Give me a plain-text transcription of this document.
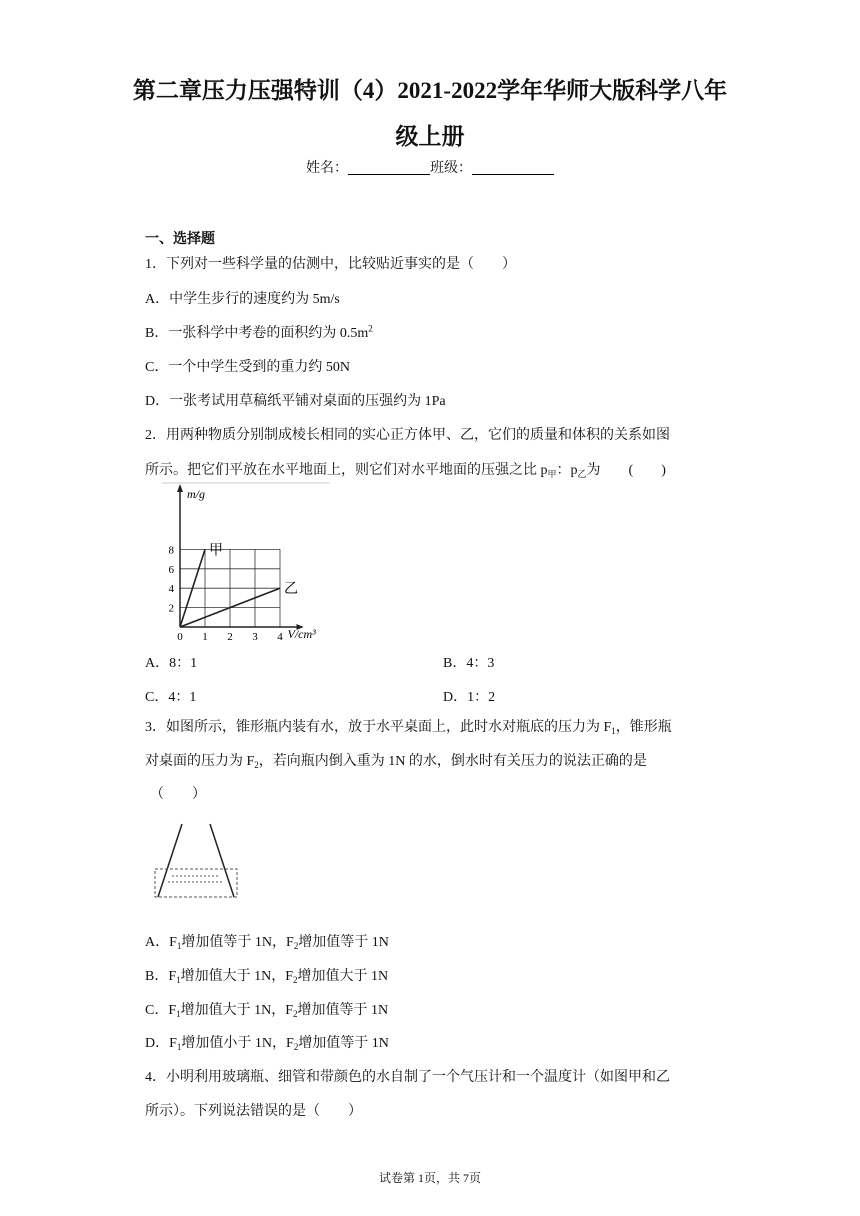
第二章压力压强特训（4）2021-2022学年华师大版科学八年
级上册
姓名：	班级：
一、选择题
1．下列对一些科学量的估测中，比较贴近事实的是（　　）
A．中学生步行的速度约为 5m/s
B．一张科学中考卷的面积约为 $0.5m^2$
C．一个中学生受到的重力约 50N
D．一张考试用草稿纸平铺对桌面的压强约为 1Pa
2．用两种物质分别制成棱长相同的实心正方体甲、乙，它们的质量和体积的关系如图
所示。把它们平放在水平地面上，则它们对水平地面的压强之比 $p_甲$：$p_乙$为　　(　　)
0 1 2 3 4
2
4
6
8
m/g
V/cm³
甲
乙
A．8：1	B．4：3
C．4：1	D．1：2
3．如图所示，锥形瓶内装有水，放于水平桌面上，此时水对瓶底的压力为 $F_1$，锥形瓶
对桌面的压力为 $F_2$，若向瓶内倒入重为 1N 的水，倒水时有关压力的说法正确的是
（　　）
A．$F_1$增加值等于 1N，$F_2$增加值等于 1N
B．$F_1$增加值大于 1N，$F_2$增加值大于 1N
C．$F_1$增加值大于 1N，$F_2$增加值等于 1N
D．$F_1$增加值小于 1N，$F_2$增加值等于 1N
4．小明利用玻璃瓶、细管和带颜色的水自制了一个气压计和一个温度计（如图甲和乙
所示）。下列说法错误的是（　　）
试卷第 1页，共 7页
